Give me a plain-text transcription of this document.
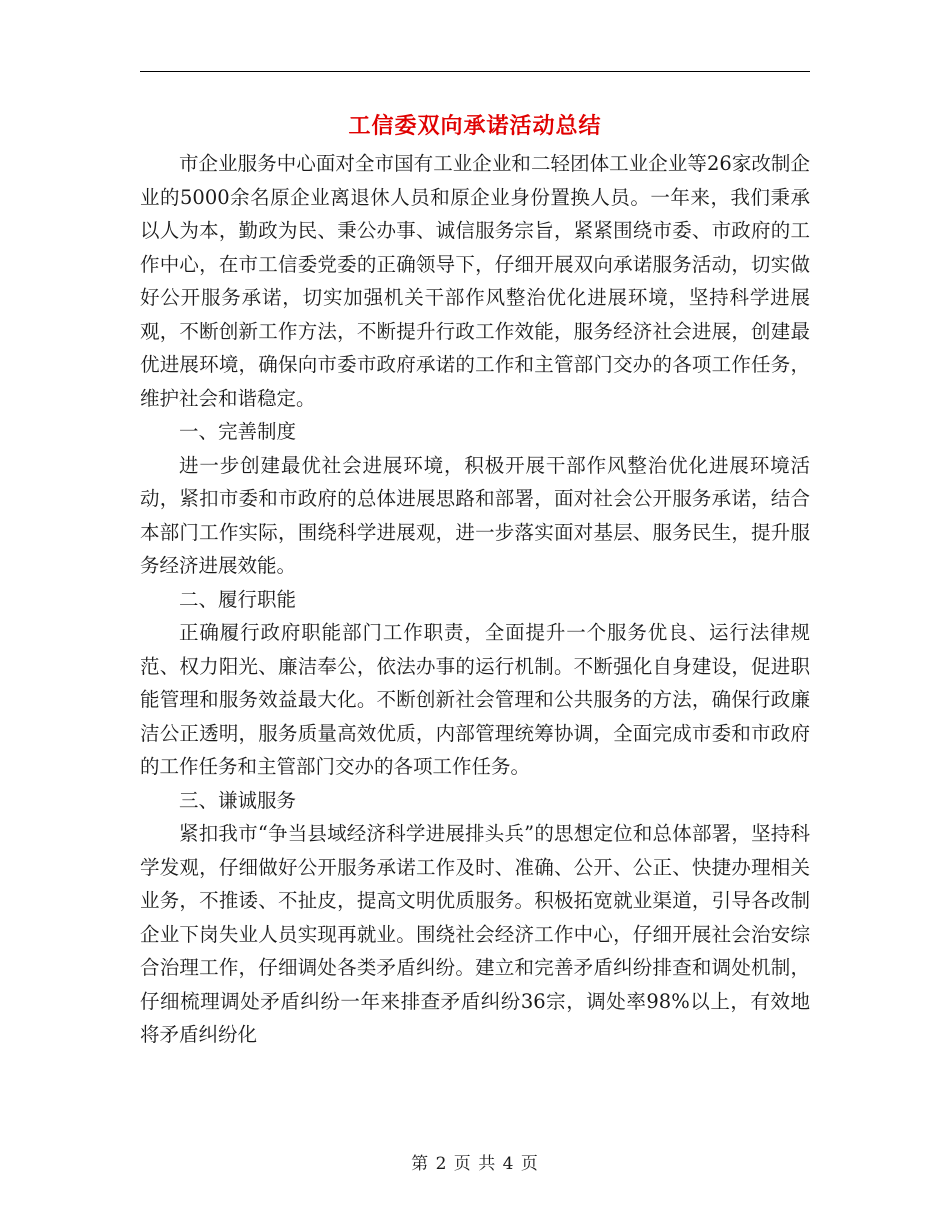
工信委双向承诺活动总结

市企业服务中心面对全市国有工业企业和二轻团体工业企业等26家改制企业的5000余名原企业离退休人员和原企业身份置换人员。一年来，我们秉承以人为本，勤政为民、秉公办事、诚信服务宗旨，紧紧围绕市委、市政府的工作中心，在市工信委党委的正确领导下，仔细开展双向承诺服务活动，切实做好公开服务承诺，切实加强机关干部作风整治优化进展环境，坚持科学进展观，不断创新工作方法，不断提升行政工作效能，服务经济社会进展，创建最优进展环境，确保向市委市政府承诺的工作和主管部门交办的各项工作任务，维护社会和谐稳定。

一、完善制度

进一步创建最优社会进展环境，积极开展干部作风整治优化进展环境活动，紧扣市委和市政府的总体进展思路和部署，面对社会公开服务承诺，结合本部门工作实际，围绕科学进展观，进一步落实面对基层、服务民生，提升服务经济进展效能。

二、履行职能

正确履行政府职能部门工作职责，全面提升一个服务优良、运行法律规范、权力阳光、廉洁奉公，依法办事的运行机制。不断强化自身建设，促进职能管理和服务效益最大化。不断创新社会管理和公共服务的方法，确保行政廉洁公正透明，服务质量高效优质，内部管理统筹协调，全面完成市委和市政府的工作任务和主管部门交办的各项工作任务。

三、谦诚服务

紧扣我市“争当县域经济科学进展排头兵”的思想定位和总体部署，坚持科学发观，仔细做好公开服务承诺工作及时、准确、公开、公正、快捷办理相关业务，不推诿、不扯皮，提高文明优质服务。积极拓宽就业渠道，引导各改制企业下岗失业人员实现再就业。围绕社会经济工作中心，仔细开展社会治安综合治理工作，仔细调处各类矛盾纠纷。建立和完善矛盾纠纷排查和调处机制，仔细梳理调处矛盾纠纷一年来排查矛盾纠纷36宗，调处率98%以上，有效地将矛盾纠纷化

第 2 页 共 4 页
